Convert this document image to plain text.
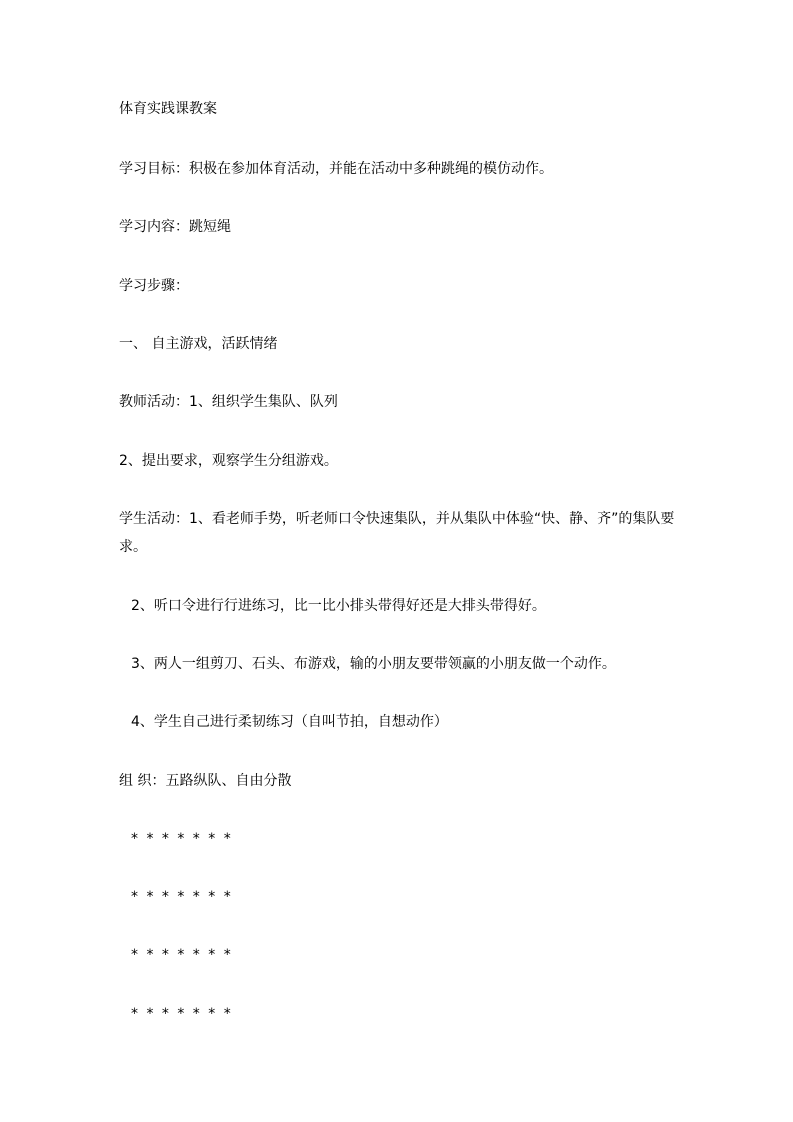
体育实践课教案
学习目标：积极在参加体育活动，并能在活动中多种跳绳的模仿动作。
学习内容：跳短绳
学习步骤：
一、 自主游戏，活跃情绪
教师活动：1、组织学生集队、队列
2、提出要求，观察学生分组游戏。
学生活动：1、看老师手势，听老师口令快速集队，并从集队中体验“快、静、齐”的集队要求。
2、听口令进行行进练习，比一比小排头带得好还是大排头带得好。
3、两人一组剪刀、石头、布游戏，输的小朋友要带领赢的小朋友做一个动作。
4、学生自己进行柔韧练习（自叫节拍，自想动作）
组 织：五路纵队、自由分散
* * * * * * *
* * * * * * *
* * * * * * *
* * * * * * *
